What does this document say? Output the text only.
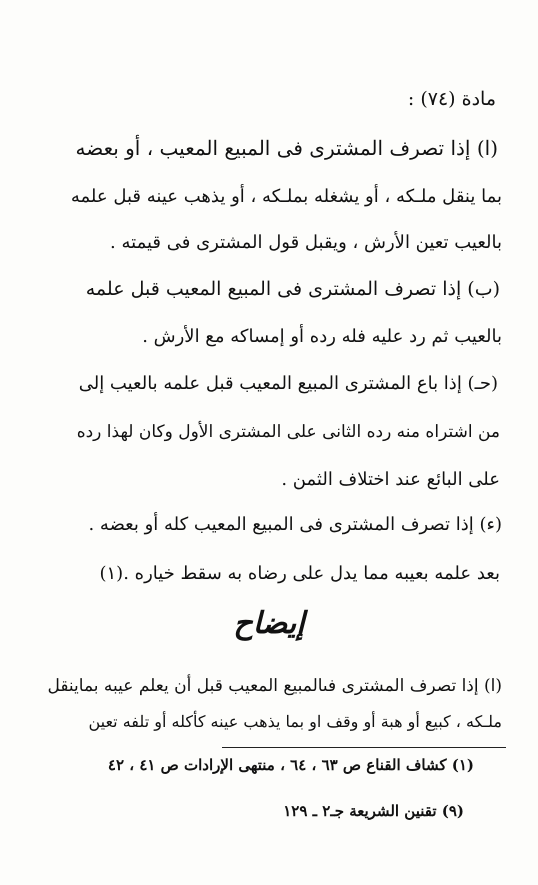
مادة (٧٤) :
(ا) إذا تصرف المشترى فى المبيع المعيب ، أو بعضه
بما ينقل ملـكه ، أو يشغله بملـكه ، أو يذهب عينه قبل علمه
بالعيب تعين الأرش ، ويقبل قول المشترى فى قيمته .
(ب) إذا تصرف المشترى فى المبيع المعيب قبل علمه
بالعيب ثم رد عليه فله رده أو إمساكه مع الأرش .
(حـ) إذا باع المشترى المبيع المعيب قبل علمه بالعيب إلى
من اشتراه منه رده الثانى على المشترى الأول وكان لهذا رده
على البائع عند اختلاف الثمن .
(ء) إذا تصرف المشترى فى المبيع المعيب كله أو بعضه .
بعد علمه بعيبه مما يدل على رضاه به سقط خياره .(١)
إيضاح
(ا) إذا تصرف المشترى فىالمبيع المعيب قبل أن يعلم عيبه بماينقل
ملـكه ، كبيع أو هبة أو وقف او بما يذهب عينه كأكله أو تلفه تعين
(١) كشاف القناع ص ٦٣ ، ٦٤ ، منتهى الإرادات ص ٤١ ، ٤٢
(٩) تقنين الشريعة جـ٢ ـ ١٢٩
